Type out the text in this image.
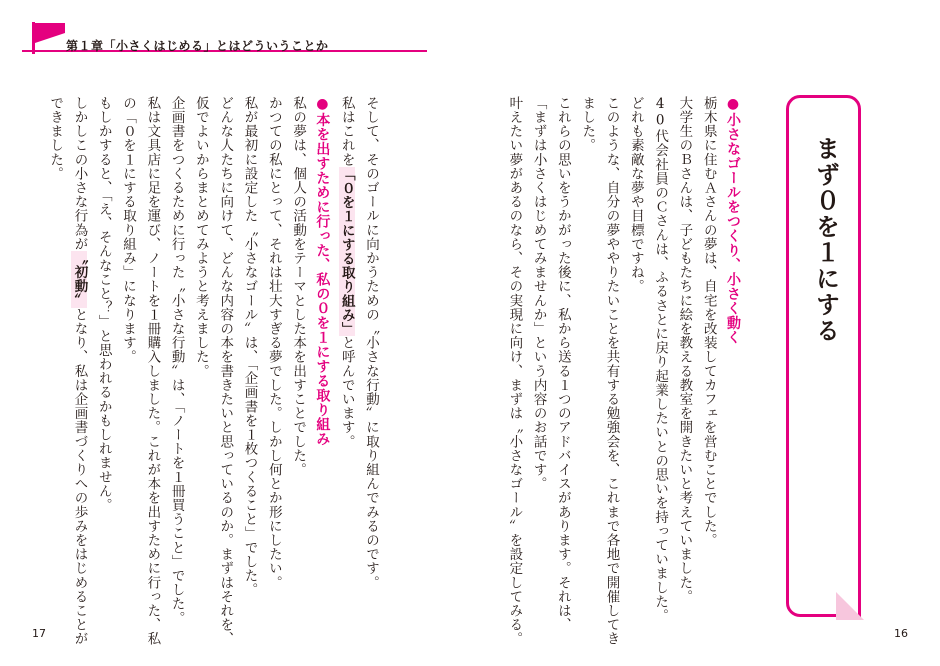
第１章「小さくはじめる」とはどういうことか

そして、そのゴールに向かうための〝小さな行動〟に取り組んでみるのです。

私はこれを「０を１にする取り組み」と呼んでいます。

●本を出すために行った、私の０を１にする取り組み

私の夢は、個人の活動をテーマとした本を出すことでした。

かつての私にとって、それは壮大すぎる夢でした。しかし何とか形にしたい。

私が最初に設定した〝小さなゴール〟は、「企画書を１枚つくること」でした。

どんな人たちに向けて、どんな内容の本を書きたいと思っているのか。まずはそれを、

仮でよいからまとめてみようと考えました。

企画書をつくるために行った〝小さな行動〟は、「ノートを１冊買うこと」でした。

私は文具店に足を運び、ノートを１冊購入しました。これが本を出すために行った、私

の「０を１にする取り組み」になります。

もしかすると、「え、そんなこと？」と思われるかもしれません。

しかしこの小さな行為が〝初動〟となり、私は企画書づくりへの歩みをはじめることが

できました。	●小さなゴールをつくり、小さく動く

栃木県に住むＡさんの夢は、自宅を改装してカフェを営むことでした。

大学生のＢさんは、子どもたちに絵を教える教室を開きたいと考えていました。

40代会社員のＣさんは、ふるさとに戻り起業したいとの思いを持っていました。

どれも素敵な夢や目標ですね。

このような、自分の夢ややりたいことを共有する勉強会を、これまで各地で開催してき

ました。

これらの思いをうかがった後に、私から送る１つのアドバイスがあります。それは、

「まずは小さくはじめてみませんか」という内容のお話です。

叶えたい夢があるのなら、その実現に向け、まずは〝小さなゴール〟を設定してみる。	まず０を１にする
17	16
